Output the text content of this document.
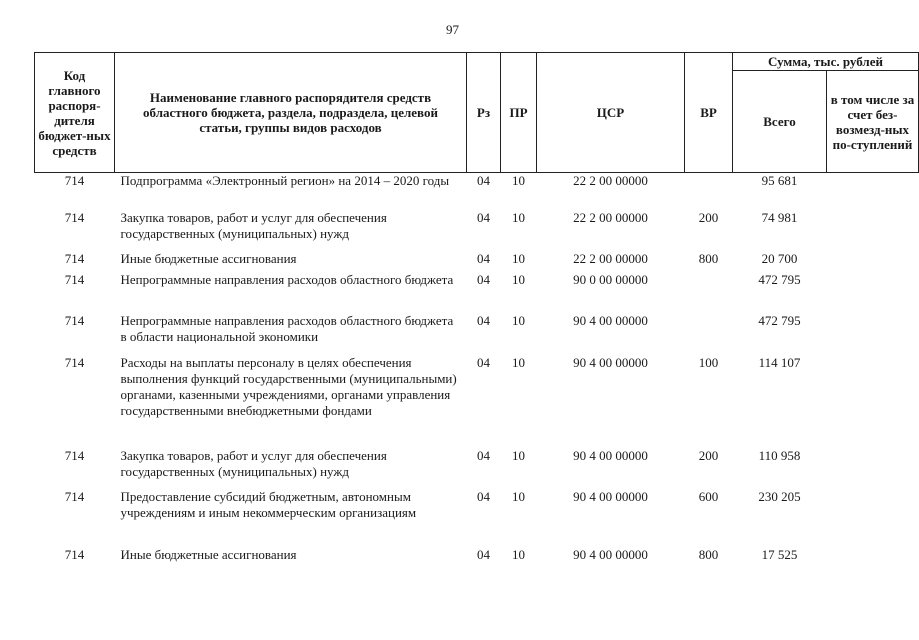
97
Код главного распоря-дителя бюджет-ных средств	Наименование главного распорядителя средств областного бюджета, раздела, подраздела, целевой статьи, группы видов расходов	Рз	ПР	ЦСР	ВР	Сумма, тыс. рублей	
						Всего	в том числе за счет без-возмезд-ных по-ступлений
714	Подпрограмма «Электронный регион» на 2014 – 2020 годы	04	10	22 2 00 00000		95 681	
714	Закупка товаров, работ и услуг для обеспечения государственных (муниципальных) нужд	04	10	22 2 00 00000	200	74 981	
714	Иные бюджетные ассигнования	04	10	22 2 00 00000	800	20 700	
714	Непрограммные направления расходов областного бюджета	04	10	90 0 00 00000		472 795	
714	Непрограммные направления расходов областного бюджета в области национальной экономики	04	10	90 4 00 00000		472 795	
714	Расходы на выплаты персоналу в целях обеспечения выполнения функций государственными (муниципальными) органами, казенными учреждениями, органами управления государственными внебюджетными фондами	04	10	90 4 00 00000	100	114 107	
714	Закупка товаров, работ и услуг для обеспечения государственных (муниципальных) нужд	04	10	90 4 00 00000	200	110 958	
714	Предоставление субсидий бюджетным, автономным учреждениям и иным некоммерческим организациям	04	10	90 4 00 00000	600	230 205	
714	Иные бюджетные ассигнования	04	10	90 4 00 00000	800	17 525	
